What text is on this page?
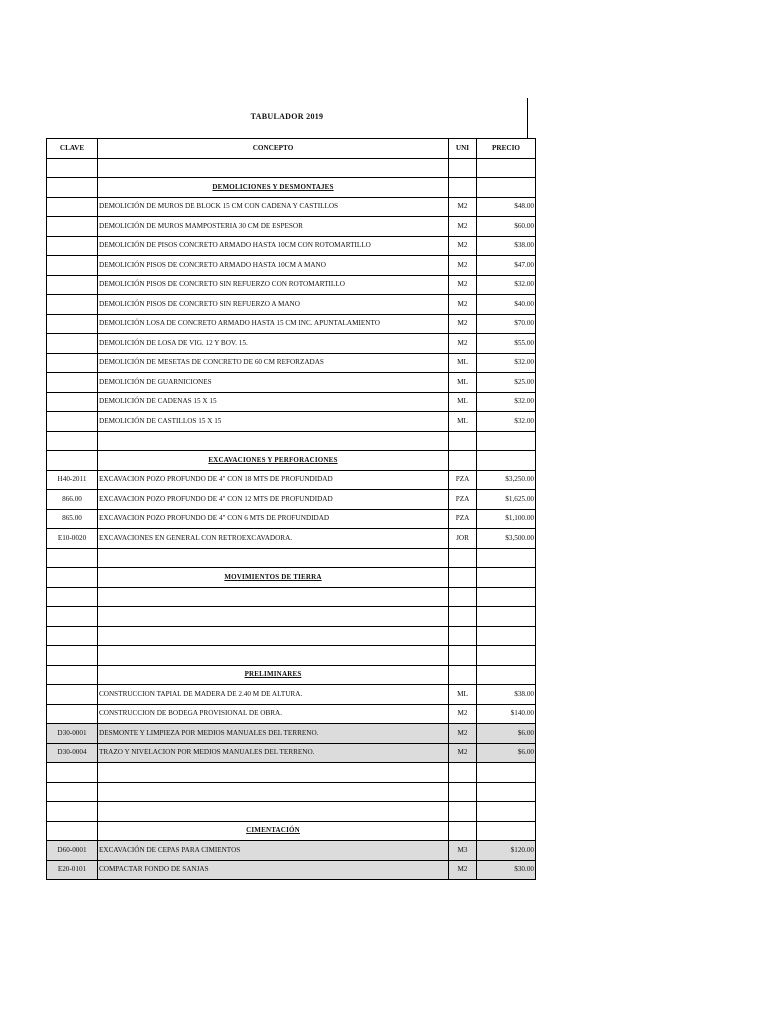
TABULADOR 2019
CLAVE	CONCEPTO	UNI	PRECIO

	DEMOLICIONES Y DESMONTAJES		
	DEMOLICIÓN DE MUROS DE BLOCK 15 CM CON CADENA Y CASTILLOS	M2	$48.00
	DEMOLICIÓN DE MUROS MAMPOSTERIA 30 CM DE ESPESOR	M2	$60.00
	DEMOLICIÓN DE PISOS CONCRETO ARMADO HASTA 10CM CON ROTOMARTILLO	M2	$38.00
	DEMOLICIÓN PISOS DE CONCRETO ARMADO HASTA 10CM A MANO	M2	$47.00
	DEMOLICIÓN PISOS DE CONCRETO SIN REFUERZO CON ROTOMARTILLO	M2	$32.00
	DEMOLICIÓN PISOS DE CONCRETO SIN REFUERZO A MANO	M2	$40.00
	DEMOLICIÓN LOSA DE CONCRETO ARMADO HASTA 15 CM INC. APUNTALAMIENTO	M2	$70.00
	DEMOLICIÓN DE LOSA DE VIG. 12 Y BOV. 15.	M2	$55.00
	DEMOLICIÓN DE MESETAS DE CONCRETO DE 60 CM REFORZADAS	ML	$32.00
	DEMOLICIÓN DE GUARNICIONES	ML	$25.00
	DEMOLICIÓN DE CADENAS 15 X 15	ML	$32.00
	DEMOLICIÓN DE CASTILLOS 15 X 15	ML	$32.00

	EXCAVACIONES Y PERFORACIONES		
H40-2011	EXCAVACION POZO PROFUNDO DE 4" CON 18 MTS DE PROFUNDIDAD	PZA	$3,250.00
866.00	EXCAVACION POZO PROFUNDO DE 4" CON 12 MTS DE PROFUNDIDAD	PZA	$1,625.00
865.00	EXCAVACION POZO PROFUNDO DE 4" CON 6 MTS DE PROFUNDIDAD	PZA	$1,100.00
E10-0020	EXCAVACIONES EN GENERAL CON RETROEXCAVADORA.	JOR	$3,500.00

	MOVIMIENTOS DE TIERRA		

	PRELIMINARES		
	CONSTRUCCION TAPIAL DE MADERA DE 2.40 M DE ALTURA.	ML	$38.00
	CONSTRUCCION DE BODEGA PROVISIONAL DE OBRA.	M2	$140.00
D30-0001	DESMONTE Y LIMPIEZA POR MEDIOS MANUALES DEL TERRENO.	M2	$6.00
D30-0004	TRAZO Y NIVELACION POR MEDIOS MANUALES DEL TERRENO.	M2	$6.00

	CIMENTACIÓN		
D60-0001	EXCAVACIÓN DE CEPAS PARA CIMIENTOS	M3	$120.00
E20-0101	COMPACTAR FONDO DE SANJAS	M2	$30.00
